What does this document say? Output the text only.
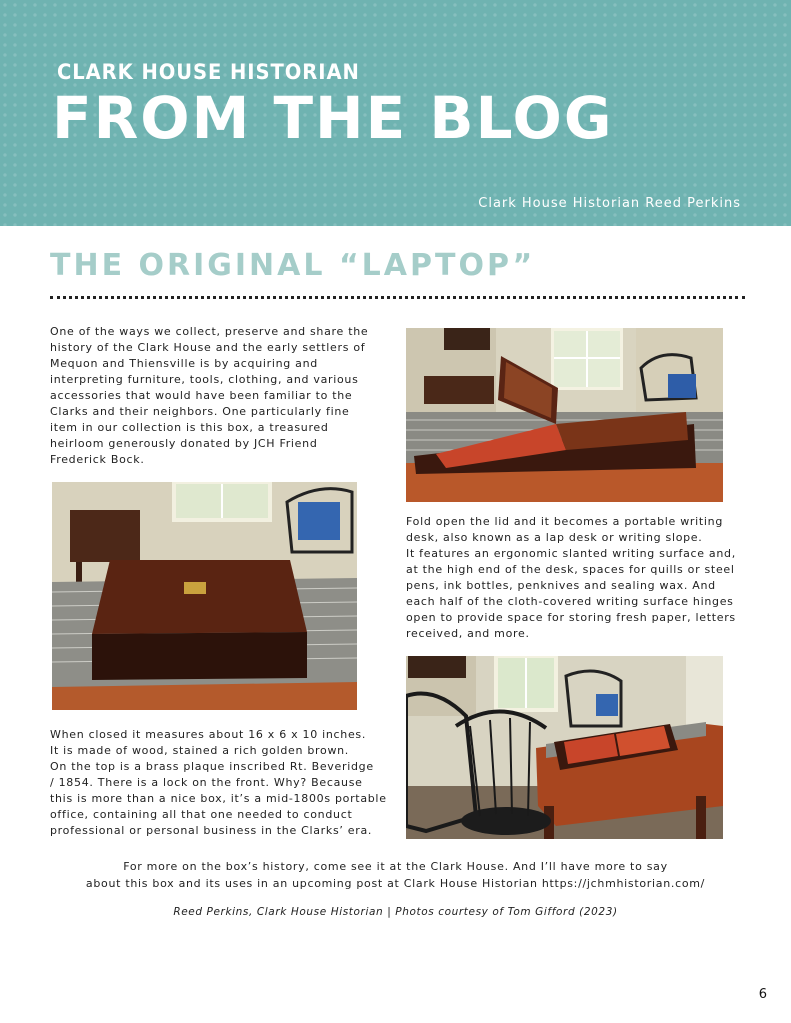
CLARK HOUSE HISTORIAN
FROM THE BLOG
Clark House Historian Reed Perkins
THE ORIGINAL “LAPTOP”
One of the ways we collect, preserve and share the
history of the Clark House and the early settlers of
Mequon and Thiensville is by acquiring and
interpreting furniture, tools, clothing, and various
accessories that would have been familiar to the
Clarks and their neighbors. One particularly fine
item in our collection is this box, a treasured
heirloom generously donated by JCH Friend
Frederick Bock.
Fold open the lid and it becomes a portable writing
desk, also known as a lap desk or writing slope.
It features an ergonomic slanted writing surface and,
at the high end of the desk, spaces for quills or steel
pens, ink bottles, penknives and sealing wax. And
each half of the cloth-covered writing surface hinges
open to provide space for storing fresh paper, letters
received, and more.
When closed it measures about 16 x 6 x 10 inches.
It is made of wood, stained a rich golden brown.
On the top is a brass plaque inscribed Rt. Beveridge
/ 1854. There is a lock on the front. Why? Because
this is more than a nice box, it’s a mid-1800s portable
office, containing all that one needed to conduct
professional or personal business in the Clarks’ era.
For more on the box’s history, come see it at the Clark House. And I’ll have more to say
about this box and its uses in an upcoming post at Clark House Historian https://jchmhistorian.com/
Reed Perkins, Clark House Historian | Photos courtesy of Tom Gifford (2023)
6
